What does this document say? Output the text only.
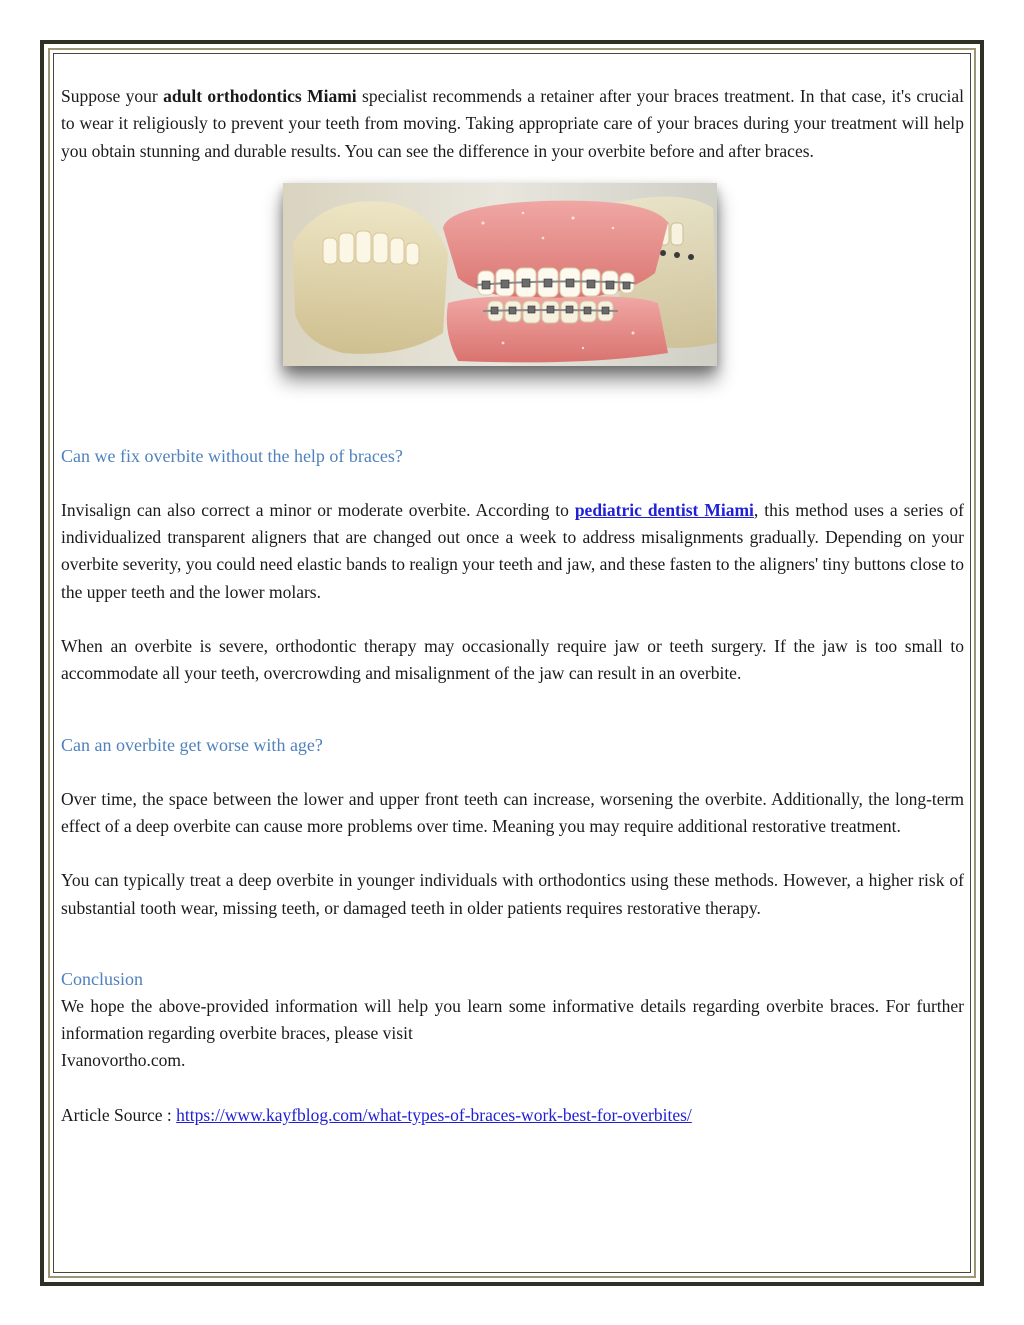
Suppose your adult orthodontics Miami specialist recommends a retainer after your braces treatment. In that case, it's crucial to wear it religiously to prevent your teeth from moving. Taking appropriate care of your braces during your treatment will help you obtain stunning and durable results. You can see the difference in your overbite before and after braces.

Can we fix overbite without the help of braces?

Invisalign can also correct a minor or moderate overbite. According to pediatric dentist Miami, this method uses a series of individualized transparent aligners that are changed out once a week to address misalignments gradually. Depending on your overbite severity, you could need elastic bands to realign your teeth and jaw, and these fasten to the aligners' tiny buttons close to the upper teeth and the lower molars.

When an overbite is severe, orthodontic therapy may occasionally require jaw or teeth surgery. If the jaw is too small to accommodate all your teeth, overcrowding and misalignment of the jaw can result in an overbite.

Can an overbite get worse with age?

Over time, the space between the lower and upper front teeth can increase, worsening the overbite. Additionally, the long-term effect of a deep overbite can cause more problems over time. Meaning you may require additional restorative treatment.

You can typically treat a deep overbite in younger individuals with orthodontics using these methods. However, a higher risk of substantial tooth wear, missing teeth, or damaged teeth in older patients requires restorative therapy.

Conclusion

We hope the above-provided information will help you learn some informative details regarding overbite braces. For further information regarding overbite braces, please visit
Ivanovortho.com.

Article Source : https://www.kayfblog.com/what-types-of-braces-work-best-for-overbites/
